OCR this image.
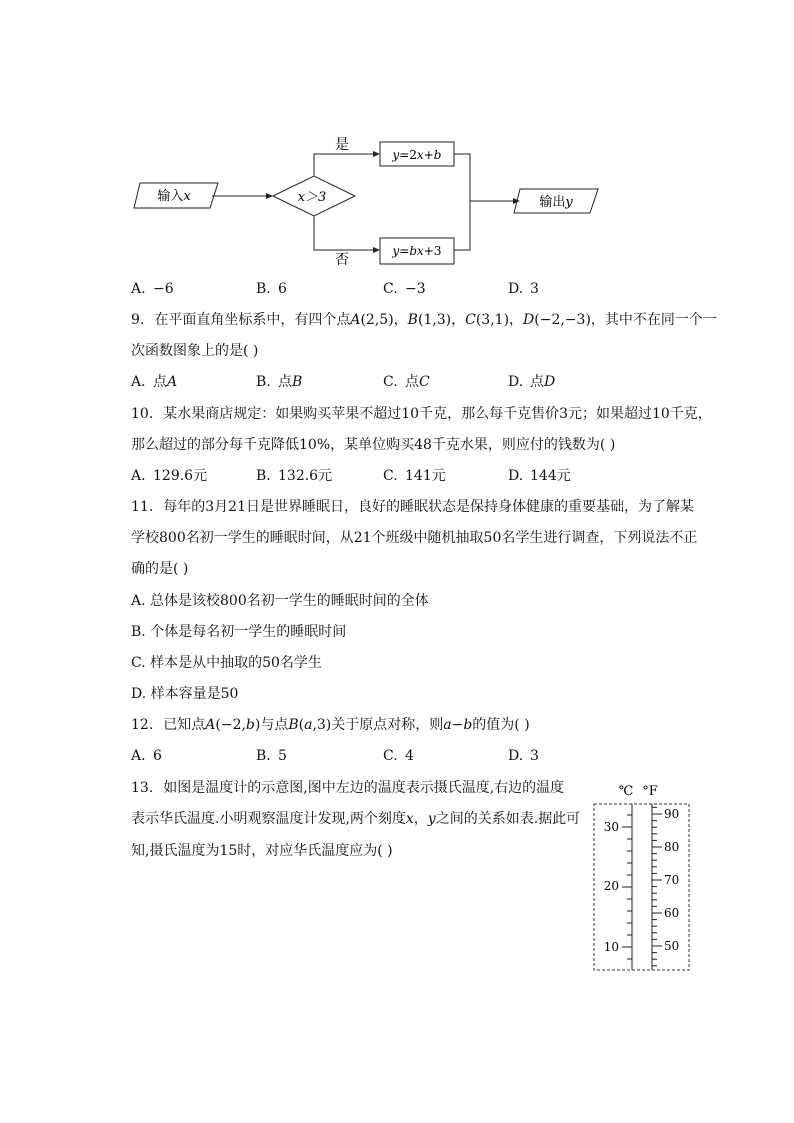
输入𝑥	𝑥＞3
是
𝑦=2𝑥+𝑏
否
𝑦=𝑏𝑥+3
输出𝑦
A. −6	B. 6	C. −3	D. 3
9. 在平面直角坐标系中，有四个点𝐴(2,5)，𝐵(1,3)，𝐶(3,1)，𝐷(−2,−3)，其中不在同一个一
次函数图象上的是( )
A. 点𝐴	B. 点𝐵	C. 点𝐶	D. 点𝐷
10. 某水果商店规定：如果购买苹果不超过10千克，那么每千克售价3元；如果超过10千克，
那么超过的部分每千克降低10%，某单位购买48千克水果，则应付的钱数为( )
A. 129.6元	B. 132.6元	C. 141元	D. 144元
11. 每年的3月21日是世界睡眠日，良好的睡眠状态是保持身体健康的重要基础，为了解某
学校800名初一学生的睡眠时间，从21个班级中随机抽取50名学生进行调查，下列说法不正
确的是( )
A. 总体是该校800名初一学生的睡眠时间的全体
B. 个体是每名初一学生的睡眠时间
C. 样本是从中抽取的50名学生
D. 样本容量是50
12. 已知点𝐴(−2,𝑏)与点𝐵(𝑎,3)关于原点对称，则𝑎−𝑏的值为( )
A. 6	B. 5	C. 4	D. 3
13. 如图是温度计的示意图,图中左边的温度表示摄氏温度,右边的温度
表示华氏温度.小明观察温度计发现,两个刻度𝑥，𝑦之间的关系如表.据此可
知,摄氏温度为15时，对应华氏温度应为( )
℃ °F
30
20
10
90
80
70
60
50
